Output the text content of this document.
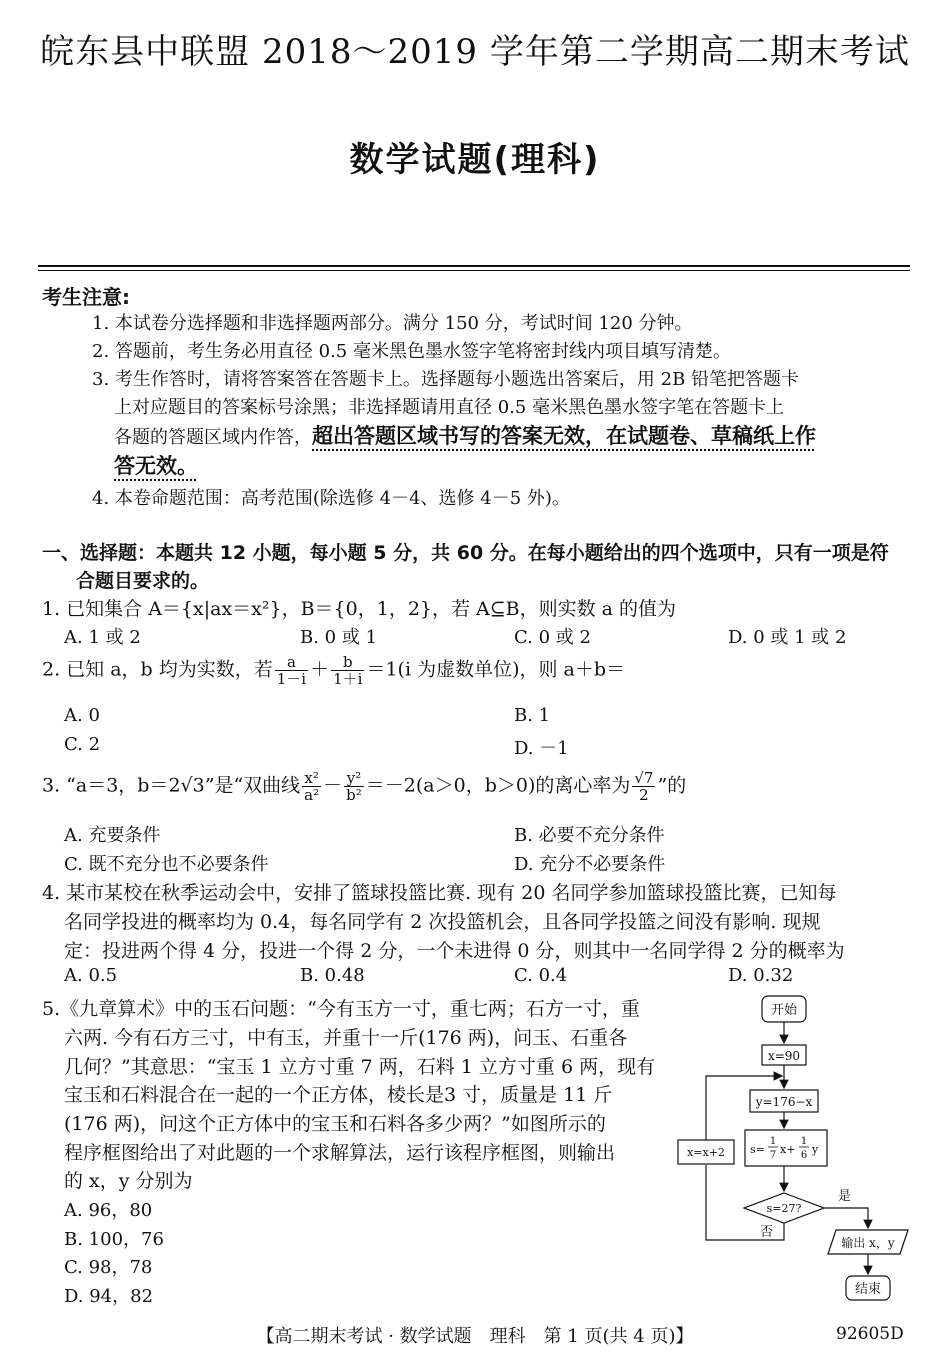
皖东县中联盟 2018～2019 学年第二学期高二期末考试
数学试题(理科)
考生注意:
1. 本试卷分选择题和非选择题两部分。满分 150 分，考试时间 120 分钟。
2. 答题前，考生务必用直径 0.5 毫米黑色墨水签字笔将密封线内项目填写清楚。
3. 考生作答时，请将答案答在答题卡上。选择题每小题选出答案后，用 2B 铅笔把答题卡
上对应题目的答案标号涂黑；非选择题请用直径 0.5 毫米黑色墨水签字笔在答题卡上
各题的答题区域内作答，超出答题区域书写的答案无效，在试题卷、草稿纸上作
答无效。
4. 本卷命题范围：高考范围(除选修 4－4、选修 4－5 外)。
一、选择题：本题共 12 小题，每小题 5 分，共 60 分。在每小题给出的四个选项中，只有一项是符
合题目要求的。
1. 已知集合 A＝{x|ax＝x²}，B＝{0，1，2}，若 A⊆B，则实数 a 的值为
A. 1 或 2	B. 0 或 1	C. 0 或 2	D. 0 或 1 或 2
2. 已知 a，b 均为实数，若 $\frac{a}{1-i} + \frac{b}{1+i} =1(i$ 为虚数单位)，则 a＋b＝
A. 0	B. 1
C. 2	D. －1
3. “a＝3，b＝2√3”是“双曲线 $\frac{\text{x²}}{\text{a²}} - \frac{\text{y²}}{\text{b²}} =-2(a>0$，b＞0)的离心率为 $\frac{√7}{2}$ ”的
A. 充要条件	B. 必要不充分条件
C. 既不充分也不必要条件	D. 充分不必要条件
4. 某市某校在秋季运动会中，安排了篮球投篮比赛. 现有 20 名同学参加篮球投篮比赛，已知每
名同学投进的概率均为 0.4，每名同学有 2 次投篮机会，且各同学投篮之间没有影响. 现规
定：投进两个得 4 分，投进一个得 2 分，一个未进得 0 分，则其中一名同学得 2 分的概率为
A. 0.5	B. 0.48	C. 0.4	D. 0.32
5.《九章算术》中的玉石问题：“今有玉方一寸，重七两；石方一寸，重
六两. 今有石方三寸，中有玉，并重十一斤(176 两)，问玉、石重各
几何？”其意思：“宝玉 1 立方寸重 7 两，石料 1 立方寸重 6 两，现有
宝玉和石料混合在一起的一个正方体，棱长是3 寸，质量是 11 斤
(176 两)，问这个正方体中的宝玉和石料各多少两？”如图所示的
程序框图给出了对此题的一个求解算法，运行该程序框图，则输出
的 x，y 分别为
A. 96，80
B. 100，76
C. 98，78
D. 94，82
开始
x=90
y=176−x
s=
1
7 x+
1
6 y
x=x+2
s=27?
是
否
输出 x，y
结束
【高二期末考试 · 数学试题　理科　第 1 页(共 4 页)】	92605D
